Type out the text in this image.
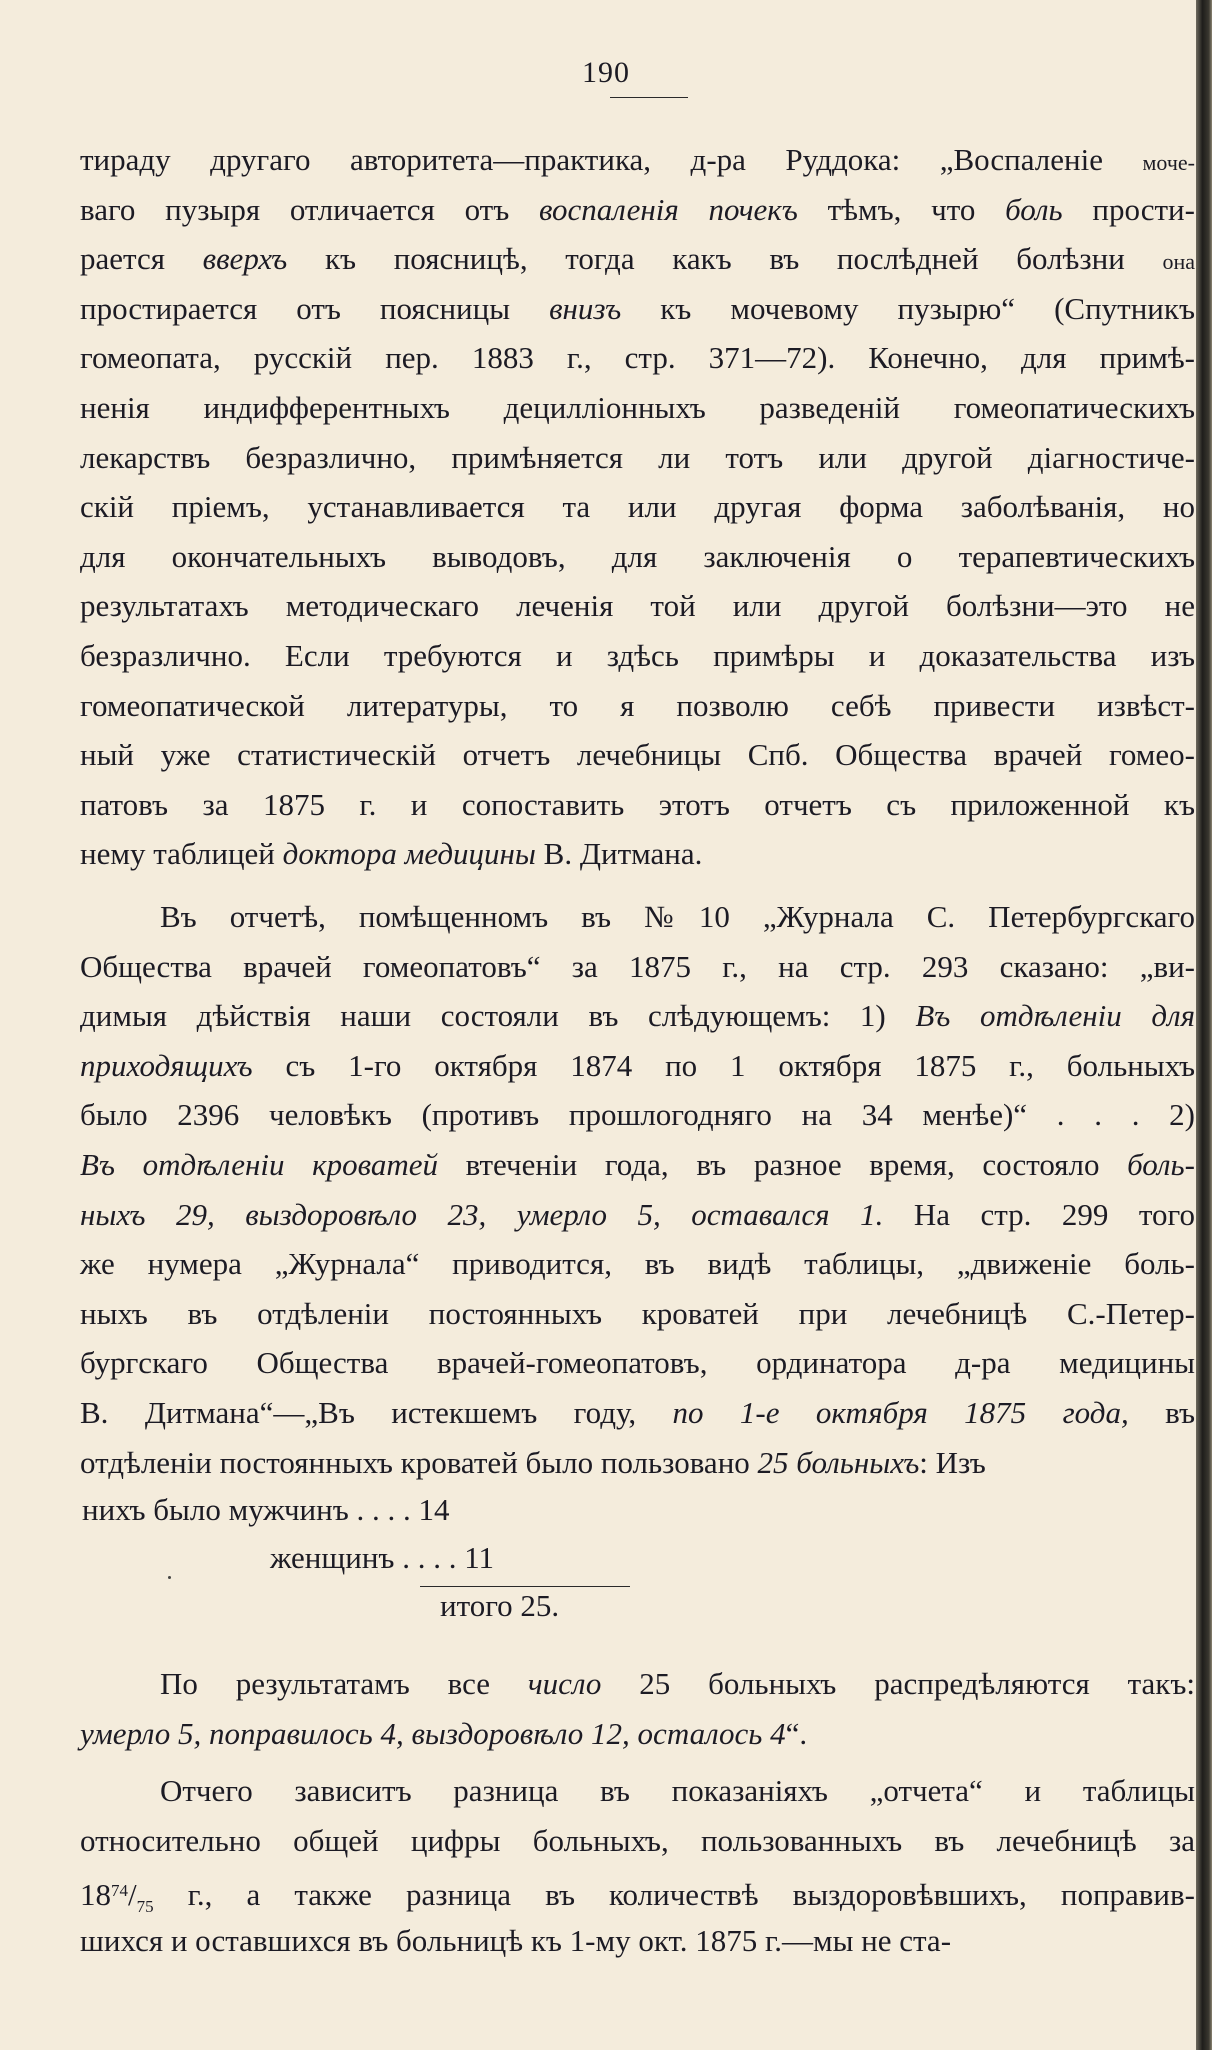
190
тираду другаго авторитета—практика, д-ра Руддока: „Воспаленіе моче-
ваго пузыря отличается отъ воспаленія почекъ тѣмъ, что боль прости-
рается вверхъ къ поясницѣ, тогда какъ въ послѣдней болѣзни она
простирается отъ поясницы внизъ къ мочевому пузырю“ (Спутникъ
гомеопата, русскій пер. 1883 г., стр. 371—72). Конечно, для примѣ-
ненія индифферентныхъ децилліонныхъ разведеній гомеопатическихъ
лекарствъ безразлично, примѣняется ли тотъ или другой діагностиче-
скій пріемъ, устанавливается та или другая форма заболѣванія, но
для окончательныхъ выводовъ, для заключенія о терапевтическихъ
результатахъ методическаго леченія той или другой болѣзни—это не
безразлично. Если требуются и здѣсь примѣры и доказательства изъ
гомеопатической литературы, то я позволю себѣ привести извѣст-
ный уже статистическій отчетъ лечебницы Спб. Общества врачей гомео-
патовъ за 1875 г. и сопоставить этотъ отчетъ съ приложенной къ
нему таблицей доктора медицины В. Дитмана.
Въ отчетѣ, помѣщенномъ въ №10 „Журнала С. Петербургскаго
Общества врачей гомеопатовъ“ за 1875 г., на стр. 293 сказано: „ви-
димыя дѣйствія наши состояли въ слѣдующемъ: 1) Въ отдѣленіи для
приходящихъ съ 1-го октября 1874 по 1 октября 1875 г., больныхъ
было 2396 человѣкъ (противъ прошлогодняго на 34 менѣе)“ . . . 2)
Въ отдѣленіи кроватей втеченіи года, въ разное время, состояло боль-
ныхъ 29, выздоровѣло 23, умерло 5, оставался 1. На стр. 299 того
же нумера „Журнала“ приводится, въ видѣ таблицы, „движеніе боль-
ныхъ въ отдѣленіи постоянныхъ кроватей при лечебницѣ С.-Петер-
бургскаго Общества врачей-гомеопатовъ, ординатора д-ра медицины
В. Дитмана“—„Въ истекшемъ году, по 1-е октября 1875 года, въ
отдѣленіи постоянныхъ кроватей было пользовано 25 больныхъ: Изъ
нихъ было мужчинъ . . . . 14
женщинъ . . . . 11
итого 25.
По результатамъ все число 25 больныхъ распредѣляются такъ:
умерло 5, поправилось 4, выздоровѣло 12, осталось 4“.
Отчего зависитъ разница въ показаніяхъ „отчета“ и таблицы
относительно общей цифры больныхъ, пользованныхъ въ лечебницѣ за
$18^{74}/_{75}$ г., а также разница въ количествѣ выздоровѣвшихъ, поправив-
шихся и оставшихся въ больницѣ къ 1-му окт. 1875 г.—мы не ста-
